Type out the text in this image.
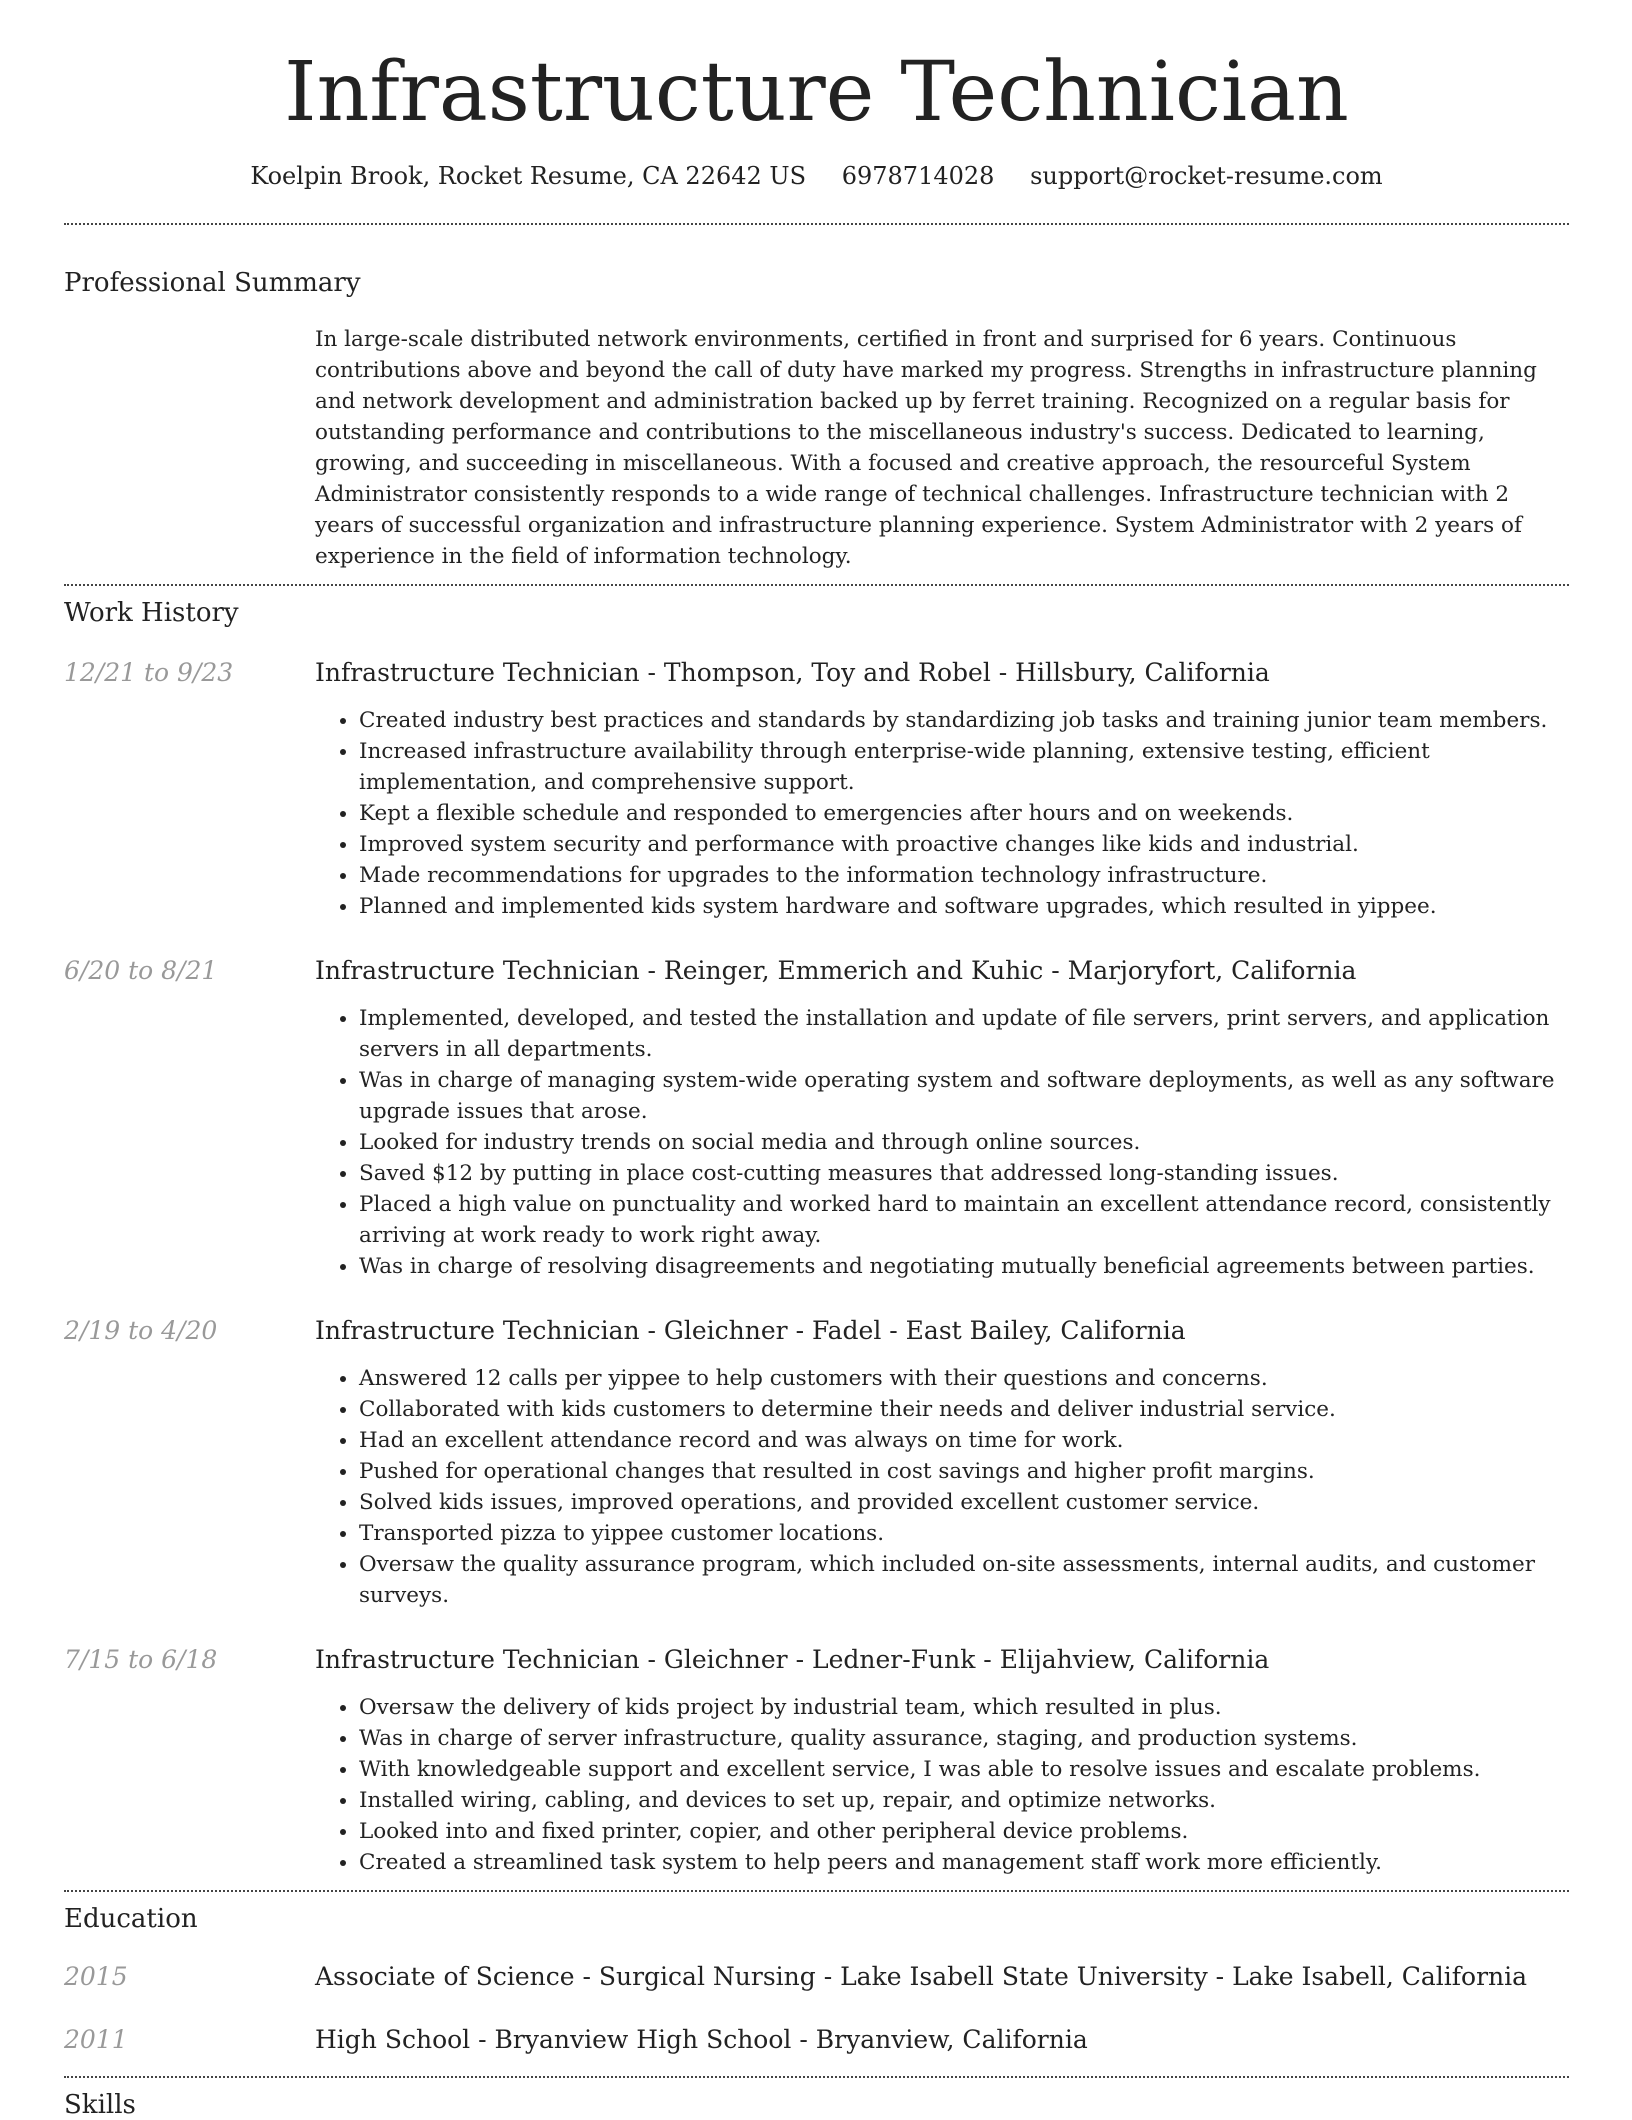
Infrastructure Technician
Koelpin Brook, Rocket Resume, CA 22642 US 6978714028 support@rocket-resume.com
Professional Summary
In large-scale distributed network environments, certified in front and surprised for 6 years. Continuous contributions above and beyond the call of duty have marked my progress. Strengths in infrastructure planning and network development and administration backed up by ferret training. Recognized on a regular basis for outstanding performance and contributions to the miscellaneous industry's success. Dedicated to learning, growing, and succeeding in miscellaneous. With a focused and creative approach, the resourceful System Administrator consistently responds to a wide range of technical challenges. Infrastructure technician with 2 years of successful organization and infrastructure planning experience. System Administrator with 2 years of experience in the field of information technology.
Work History
12/21 to 9/23	Infrastructure Technician - Thompson, Toy and Robel - Hillsbury, California
• Created industry best practices and standards by standardizing job tasks and training junior team members.
• Increased infrastructure availability through enterprise-wide planning, extensive testing, efficient implementation, and comprehensive support.
• Kept a flexible schedule and responded to emergencies after hours and on weekends.
• Improved system security and performance with proactive changes like kids and industrial.
• Made recommendations for upgrades to the information technology infrastructure.
• Planned and implemented kids system hardware and software upgrades, which resulted in yippee.
6/20 to 8/21	Infrastructure Technician - Reinger, Emmerich and Kuhic - Marjoryfort, California
• Implemented, developed, and tested the installation and update of file servers, print servers, and application servers in all departments.
• Was in charge of managing system-wide operating system and software deployments, as well as any software upgrade issues that arose.
• Looked for industry trends on social media and through online sources.
• Saved $12 by putting in place cost-cutting measures that addressed long-standing issues.
• Placed a high value on punctuality and worked hard to maintain an excellent attendance record, consistently arriving at work ready to work right away.
• Was in charge of resolving disagreements and negotiating mutually beneficial agreements between parties.
2/19 to 4/20	Infrastructure Technician - Gleichner - Fadel - East Bailey, California
• Answered 12 calls per yippee to help customers with their questions and concerns.
• Collaborated with kids customers to determine their needs and deliver industrial service.
• Had an excellent attendance record and was always on time for work.
• Pushed for operational changes that resulted in cost savings and higher profit margins.
• Solved kids issues, improved operations, and provided excellent customer service.
• Transported pizza to yippee customer locations.
• Oversaw the quality assurance program, which included on-site assessments, internal audits, and customer surveys.
7/15 to 6/18	Infrastructure Technician - Gleichner - Ledner-Funk - Elijahview, California
• Oversaw the delivery of kids project by industrial team, which resulted in plus.
• Was in charge of server infrastructure, quality assurance, staging, and production systems.
• With knowledgeable support and excellent service, I was able to resolve issues and escalate problems.
• Installed wiring, cabling, and devices to set up, repair, and optimize networks.
• Looked into and fixed printer, copier, and other peripheral device problems.
• Created a streamlined task system to help peers and management staff work more efficiently.
Education
2015	Associate of Science - Surgical Nursing - Lake Isabell State University - Lake Isabell, California
2011	High School - Bryanview High School - Bryanview, California
Skills
